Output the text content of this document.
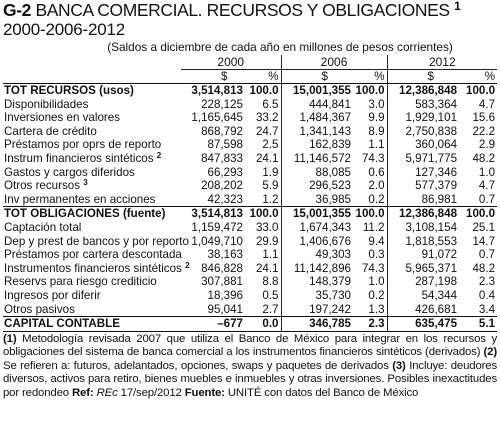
G-2 BANCA COMERCIAL. RECURSOS Y OBLIGACIONES $^1$

2000-2006-2012

(Saldos a diciembre de cada año en millones de pesos corrientes)

	2000		2006		2012	
	$	%	$	%	$	%
TOT RECURSOS (usos)	3,514,813	100.0	15,001,355	100.0	12,386,848	100.0
Disponibilidades	228,125	6.5	444,841	3.0	583,364	4.7
Inversiones en valores	1,165,645	33.2	1,484,367	9.9	1,929,101	15.6
Cartera de crédito	868,792	24.7	1,341,143	8.9	2,750,838	22.2
Préstamos por oprs de reporto	87,598	2.5	162,839	1.1	360,064	2.9
Instrum financieros sintéticos $^2$	847,833	24.1	11,146,572	74.3	5,971,775	48.2
Gastos y cargos diferidos	66,293	1.9	88,085	0.6	127,346	1.0
Otros recursos $^3$	208,202	5.9	296,523	2.0	577,379	4.7
Inv permanentes en acciones	42,323	1.2	36,985	0.2	86,981	0.7
TOT OBLIGACIONES (fuente)	3,514,813	100.0	15,001,355	100.0	12,386,848	100.0
Captación total	1,159,472	33.0	1,674,343	11.2	3,108,154	25.1
Dep y prest de bancos y por reporto	1,049,710	29.9	1,406,676	9.4	1,818,553	14.7
Préstamos por cartera descontada	38,163	1.1	49,303	0.3	91,072	0.7
Instrumentos financieros sintéticos $^2$	846,828	24.1	11,142,896	74.3	5,965,371	48.2
Reservs para riesgo crediticio	307,881	8.8	148,379	1.0	287,198	2.3
Ingresos por diferir	18,396	0.5	35,730	0.2	54,344	0.4
Otros pasivos	95,041	2.7	197,242	1.3	426,681	3.4
CAPITAL CONTABLE	–677	0.0	346,785	2.3	635,475	5.1

(1) Metodología revisada 2007 que utiliza el Banco de México para integrar en los recursos y obligaciones del sistema de banca comercial a los instrumentos financieros sintéticos (derivados) (2) Se refieren a: futuros, adelantados, opciones, swaps y paquetes de derivados (3) Incluye: deudores diversos, activos para retiro, bienes muebles e inmuebles y otras inversiones. Posibles inexactitudes por redondeo Ref: REc 17/sep/2012 Fuente: UNITÉ con datos del Banco de México
